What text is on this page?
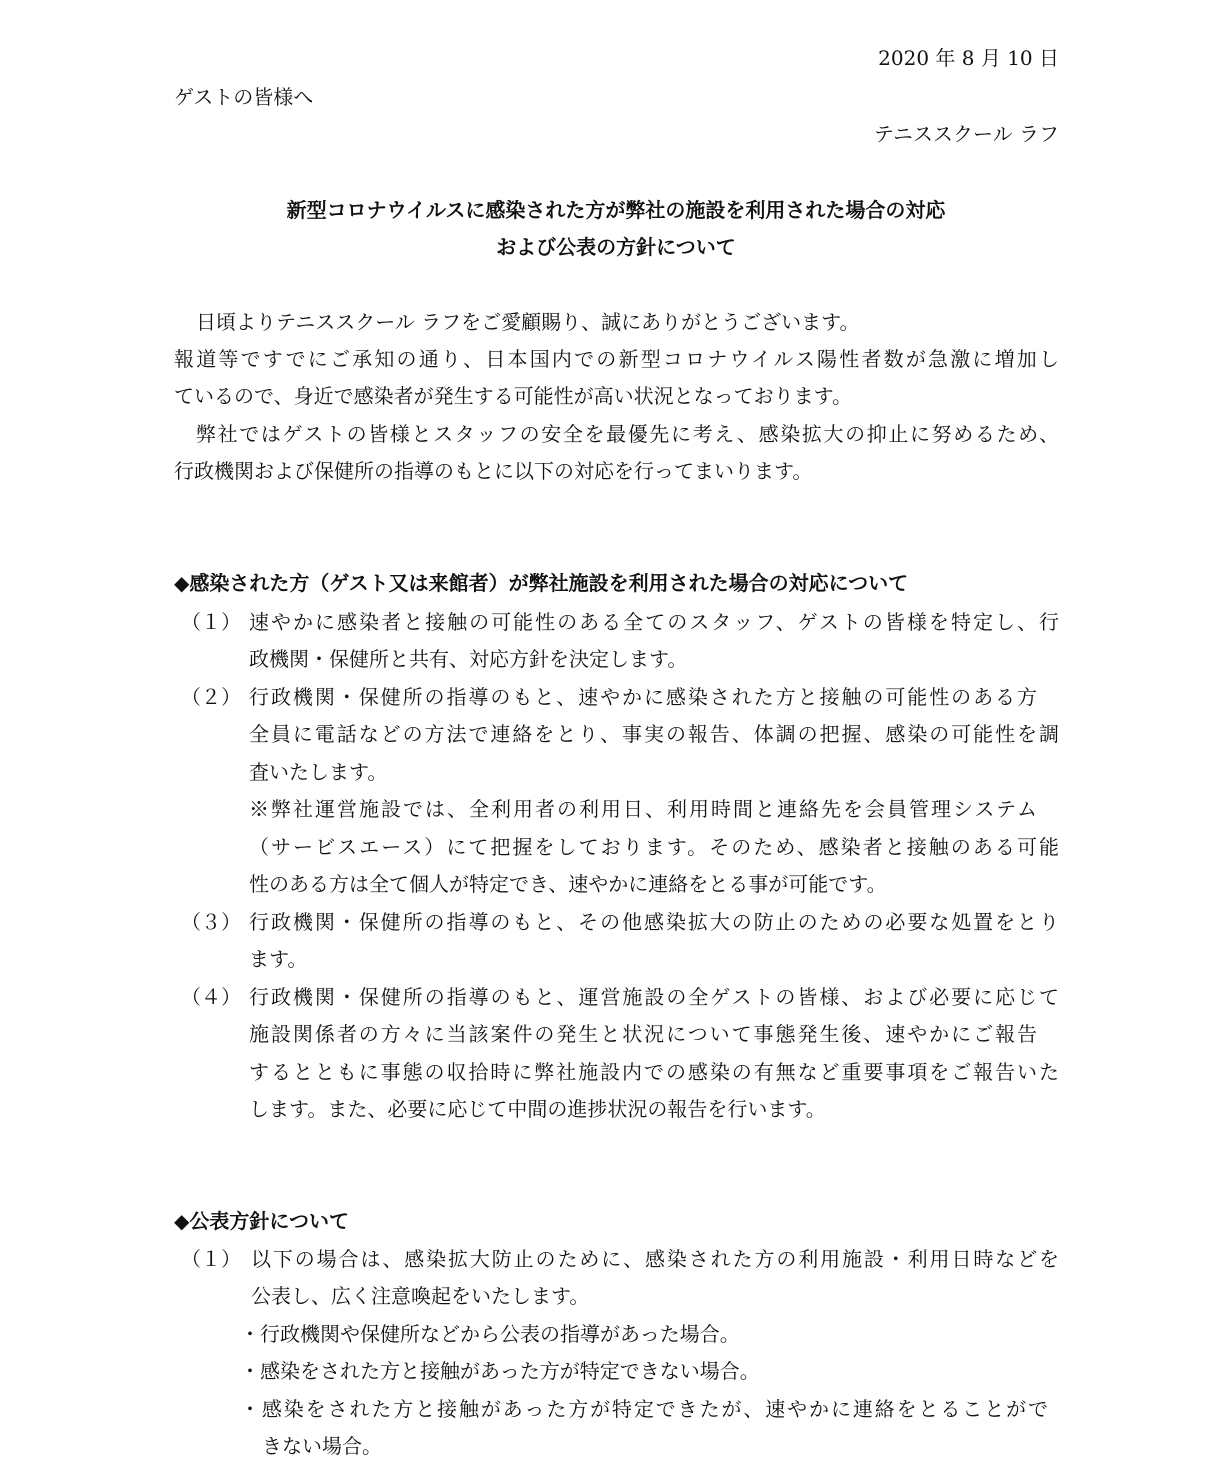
2020 年 8 月 10 日
ゲストの皆様へ
テニススクール ラフ
新型コロナウイルスに感染された方が弊社の施設を利用された場合の対応
および公表の方針について
日頃よりテニススクール ラフをご愛顧賜り、誠にありがとうございます。
報道等ですでにご承知の通り、日本国内での新型コロナウイルス陽性者数が急激に増加し
ているので、身近で感染者が発生する可能性が高い状況となっております。
弊社ではゲストの皆様とスタッフの安全を最優先に考え、感染拡大の抑止に努めるため、
行政機関および保健所の指導のもとに以下の対応を行ってまいります。
◆感染された方（ゲスト又は来館者）が弊社施設を利用された場合の対応について
（１） 速やかに感染者と接触の可能性のある全てのスタッフ、ゲストの皆様を特定し、行
政機関・保健所と共有、対応方針を決定します。
（２） 行政機関・保健所の指導のもと、速やかに感染された方と接触の可能性のある方
全員に電話などの方法で連絡をとり、事実の報告、体調の把握、感染の可能性を調
査いたします。
※弊社運営施設では、全利用者の利用日、利用時間と連絡先を会員管理システム
（サービスエース）にて把握をしております。そのため、感染者と接触のある可能
性のある方は全て個人が特定でき、速やかに連絡をとる事が可能です。
（３） 行政機関・保健所の指導のもと、その他感染拡大の防止のための必要な処置をとり
ます。
（４） 行政機関・保健所の指導のもと、運営施設の全ゲストの皆様、および必要に応じて
施設関係者の方々に当該案件の発生と状況について事態発生後、速やかにご報告
するとともに事態の収拾時に弊社施設内での感染の有無など重要事項をご報告いた
します。また、必要に応じて中間の進捗状況の報告を行います。
◆公表方針について
（１） 以下の場合は、感染拡大防止のために、感染された方の利用施設・利用日時などを
公表し、広く注意喚起をいたします。
・行政機関や保健所などから公表の指導があった場合。
・感染をされた方と接触があった方が特定できない場合。
・感染をされた方と接触があった方が特定できたが、速やかに連絡をとることがで
きない場合。
